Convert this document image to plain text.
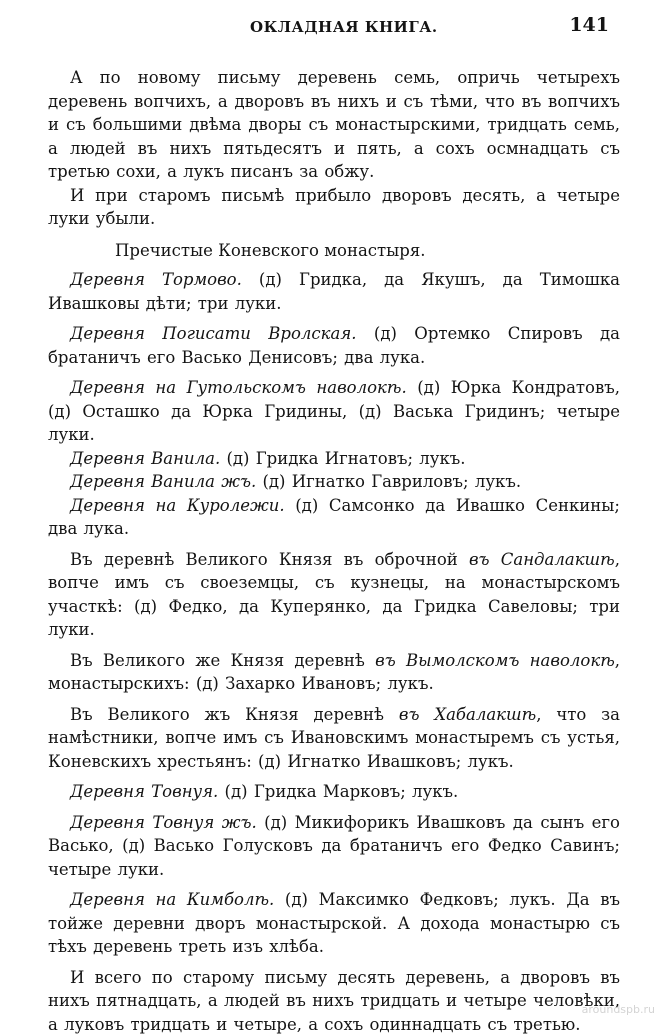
ОКЛАДНАЯ КНИГА.	141

А по новому письму деревень семь, опричь четырехъ деревень вопчихъ, а дворовъ въ нихъ и съ тѣми, что въ вопчихъ и съ большими двѣма дворы съ монастырскими, тридцать семь, а людей въ нихъ пятьдесятъ и пять, а сохъ осмнадцать съ третью сохи, а лукъ писанъ за обжу.

И при старомъ письмѣ прибыло дворовъ десять, а четыре луки убыли.

Пречистые Коневского монастыря.

Деревня Тормово. (д) Гридка, да Якушъ, да Тимошка Ивашковы дѣти; три луки.

Деревня Погиcати Вролская. (д) Ортемко Спировъ да братаничъ его Васько Денисовъ; два лука.

Деревня на Гутольскомъ наволокѣ. (д) Юрка Кондратовъ, (д) Осташко да Юрка Гридины, (д) Васька Гридинъ; четыре луки.

Деревня Ванила. (д) Гридка Игнатовъ; лукъ.

Деревня Ванила жъ. (д) Игнатко Гавриловъ; лукъ.

Деревня на Куролежи. (д) Самсонко да Ивашко Сенкины; два лука.

Въ деревнѣ Великого Князя въ оброчной въ Сандалакшѣ, вопче имъ съ своеземцы, съ кузнецы, на монастырскомъ участкѣ: (д) Федко, да Куперянко, да Гридка Савеловы; три луки.

Въ Великого же Князя деревнѣ въ Вымолскомъ наволокѣ, монастырскихъ: (д) Захарко Ивановъ; лукъ.

Въ Великого жъ Князя деревнѣ въ Хабалакшѣ, что за намѣстники, вопче имъ съ Ивановскимъ монастыремъ съ устья, Коневскихъ хрестьянъ: (д) Игнатко Ивашковъ; лукъ.

Деревня Товнуя. (д) Гридка Марковъ; лукъ.

Деревня Товнуя жъ. (д) Микифорикъ Ивашковъ да сынъ его Васько, (д) Васько Голусковъ да братаничъ его Федко Савинъ; четыре луки.

Деревня на Кимболѣ. (д) Максимко Федковъ; лукъ. Да въ тойже деревни дворъ монастырской. А дохода монастырю съ тѣхъ деревень треть изъ хлѣба.

И всего по старому письму десять деревень, а дворовъ въ нихъ пятнадцать, а людей въ нихъ тридцать и четыре человѣки, а луковъ тридцать и четыре, а сохъ одиннадцать съ третью.

aroundspb.ru
